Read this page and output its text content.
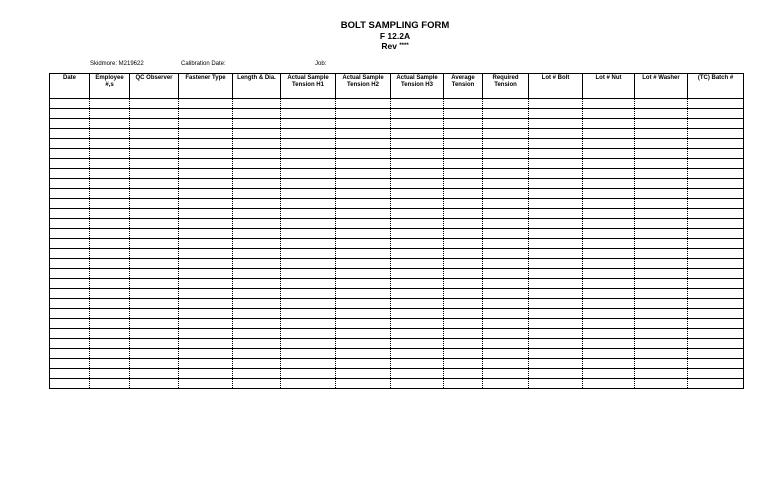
BOLT SAMPLING FORM
F 12.2A
Rev ****
Skidmore: M219622	Calibration Date:	Job:
Date	Employee #,s	QC Observer	Fastener Type	Length & Dia.	Actual Sample Tension H1	Actual Sample Tension H2	Actual Sample Tension H3	Average Tension	Required Tension	Lot # Bolt	Lot # Nut	Lot # Washer	(TC) Batch #
